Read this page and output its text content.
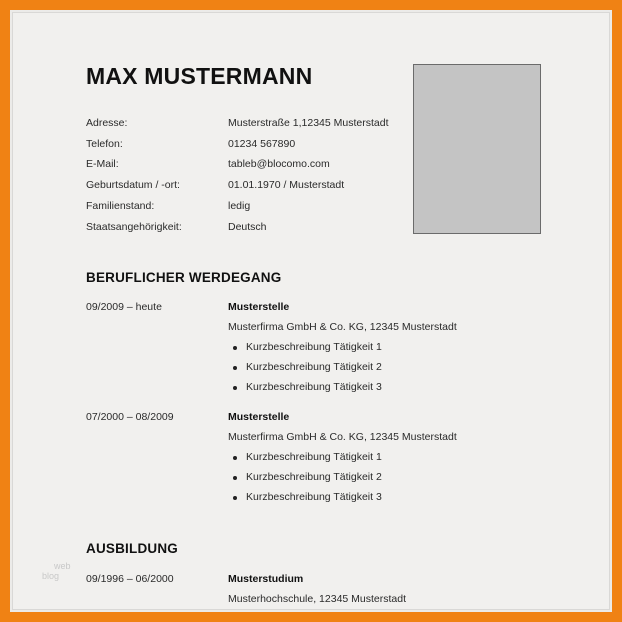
MAX MUSTERMANN
Adresse:	Musterstraße 1,12345 Musterstadt
Telefon:	01234 567890
E-Mail:	tableb@blocomo.com
Geburtsdatum / -ort:	01.01.1970 / Musterstadt
Familienstand:	ledig
Staatsangehörigkeit:	Deutsch
BERUFLICHER WERDEGANG
09/2009 – heute	Musterstelle
Musterfirma GmbH & Co. KG, 12345 Musterstadt
Kurzbeschreibung Tätigkeit 1
Kurzbeschreibung Tätigkeit 2
Kurzbeschreibung Tätigkeit 3
07/2000 – 08/2009	Musterstelle
Musterfirma GmbH & Co. KG, 12345 Musterstadt
Kurzbeschreibung Tätigkeit 1
Kurzbeschreibung Tätigkeit 2
Kurzbeschreibung Tätigkeit 3
AUSBILDUNG
09/1996 – 06/2000	Musterstudium
Musterhochschule, 12345 Musterstadt
web
blog
